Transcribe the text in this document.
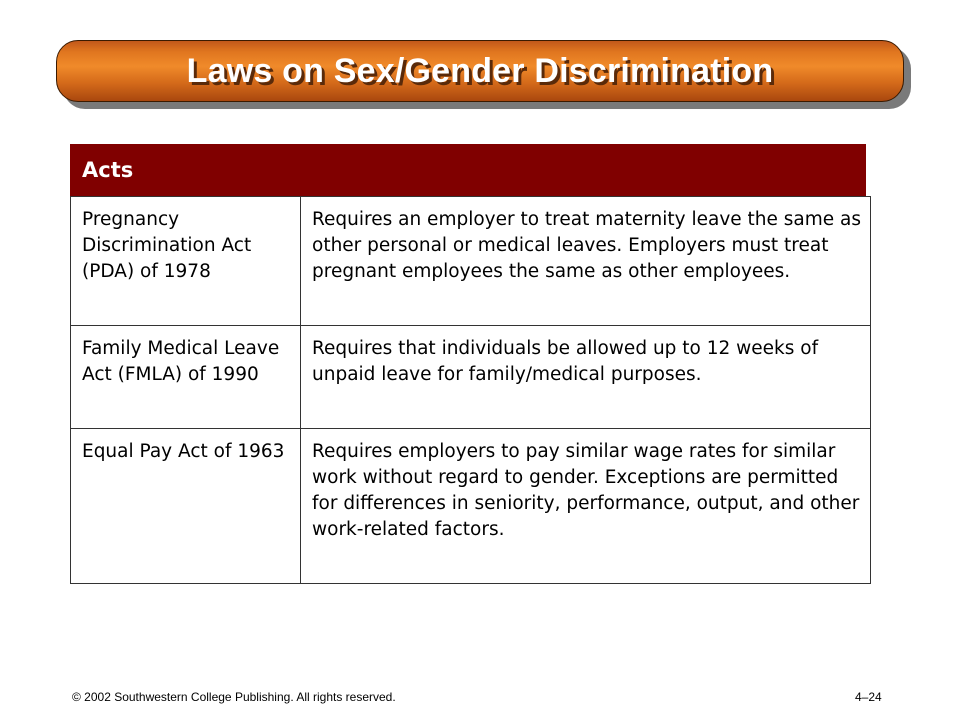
Laws on Sex/Gender Discrimination
Acts
Pregnancy Discrimination Act (PDA) of 1978	Requires an employer to treat maternity leave the same as other personal or medical leaves. Employers must treat pregnant employees the same as other employees.
Family Medical Leave Act (FMLA) of 1990	Requires that individuals be allowed up to 12 weeks of unpaid leave for family/medical purposes.
Equal Pay Act of 1963	Requires employers to pay similar wage rates for similar work without regard to gender. Exceptions are permitted for differences in seniority, performance, output, and other work-related factors.
© 2002 Southwestern College Publishing. All rights reserved.	4–24
